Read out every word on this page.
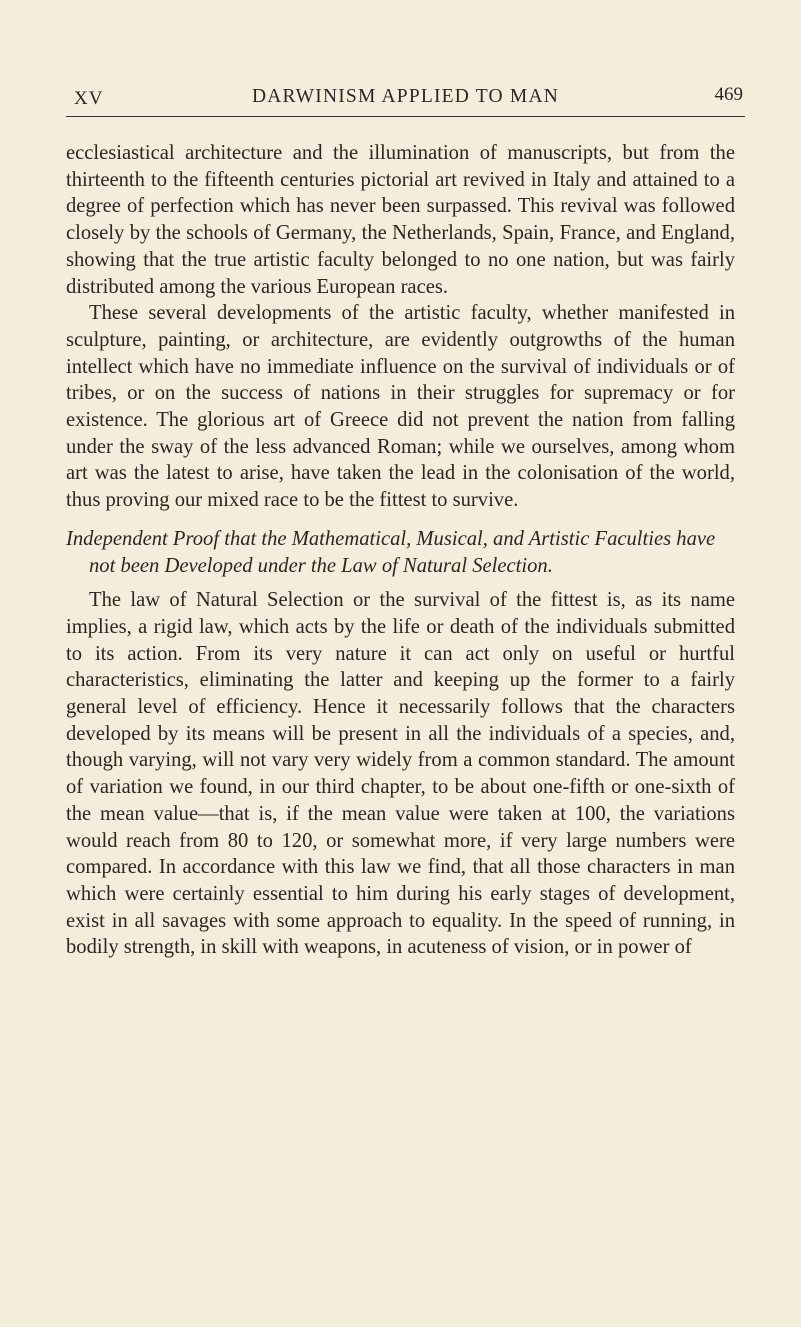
XV	DARWINISM APPLIED TO MAN	469

ecclesiastical architecture and the illumination of manuscripts, but from the thirteenth to the fifteenth centuries pictorial art revived in Italy and attained to a degree of perfection which has never been surpassed. This revival was followed closely by the schools of Germany, the Netherlands, Spain, France, and England, showing that the true artistic faculty belonged to no one nation, but was fairly distributed among the various European races.

These several developments of the artistic faculty, whether manifested in sculpture, painting, or architecture, are evidently outgrowths of the human intellect which have no immediate influence on the survival of individuals or of tribes, or on the success of nations in their struggles for supremacy or for existence. The glorious art of Greece did not prevent the nation from falling under the sway of the less advanced Roman; while we ourselves, among whom art was the latest to arise, have taken the lead in the colonisation of the world, thus proving our mixed race to be the fittest to survive.

Independent Proof that the Mathematical, Musical, and Artistic Faculties have not been Developed under the Law of Natural Selection.

The law of Natural Selection or the survival of the fittest is, as its name implies, a rigid law, which acts by the life or death of the individuals submitted to its action. From its very nature it can act only on useful or hurtful characteristics, eliminating the latter and keeping up the former to a fairly general level of efficiency. Hence it necessarily follows that the characters developed by its means will be present in all the individuals of a species, and, though varying, will not vary very widely from a common standard. The amount of variation we found, in our third chapter, to be about one-fifth or one-sixth of the mean value—that is, if the mean value were taken at 100, the variations would reach from 80 to 120, or somewhat more, if very large numbers were compared. In accordance with this law we find, that all those characters in man which were certainly essential to him during his early stages of development, exist in all savages with some approach to equality. In the speed of running, in bodily strength, in skill with weapons, in acuteness of vision, or in power of
